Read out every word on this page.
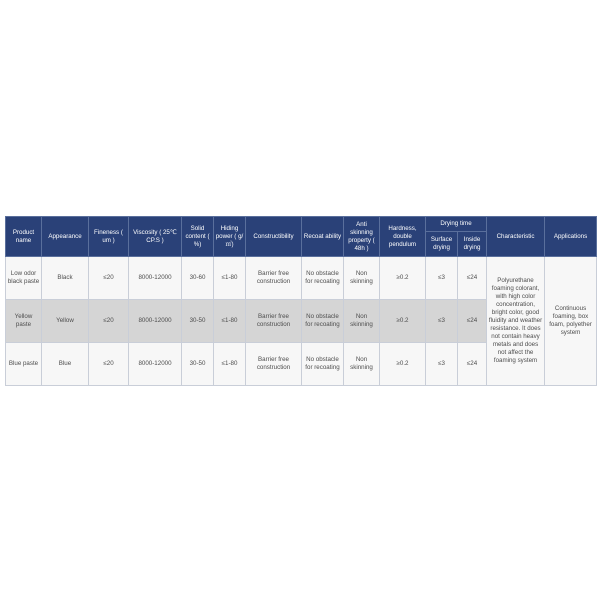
Product name	Appearance	Fineness ( um )	Viscosity ( 25℃ CP.S )	Solid content ( %)	Hiding power ( g/㎡)	Constructibility	Recoat ability	Anti skinning property ( 48h )	Hardness, double pendulum	Drying time		Characteristic	Applications
										Surface drying	Inside drying		
Low odor black paste	Black	≤20	8000-12000	30-60	≤1-80	Barrier free construction	No obstacle for recoating	Non skinning	≥0.2	≤3	≤24	Polyurethane foaming colorant, with high color concentration, bright color, good fluidity and weather resistance. It does not contain heavy metals and does not affect the foaming system	Continuous foaming, box foam, polyether system
Yellow paste	Yellow	≤20	8000-12000	30-50	≤1-80	Barrier free construction	No obstacle for recoating	Non skinning	≥0.2	≤3	≤24		
Blue paste	Blue	≤20	8000-12000	30-50	≤1-80	Barrier free construction	No obstacle for recoating	Non skinning	≥0.2	≤3	≤24		
